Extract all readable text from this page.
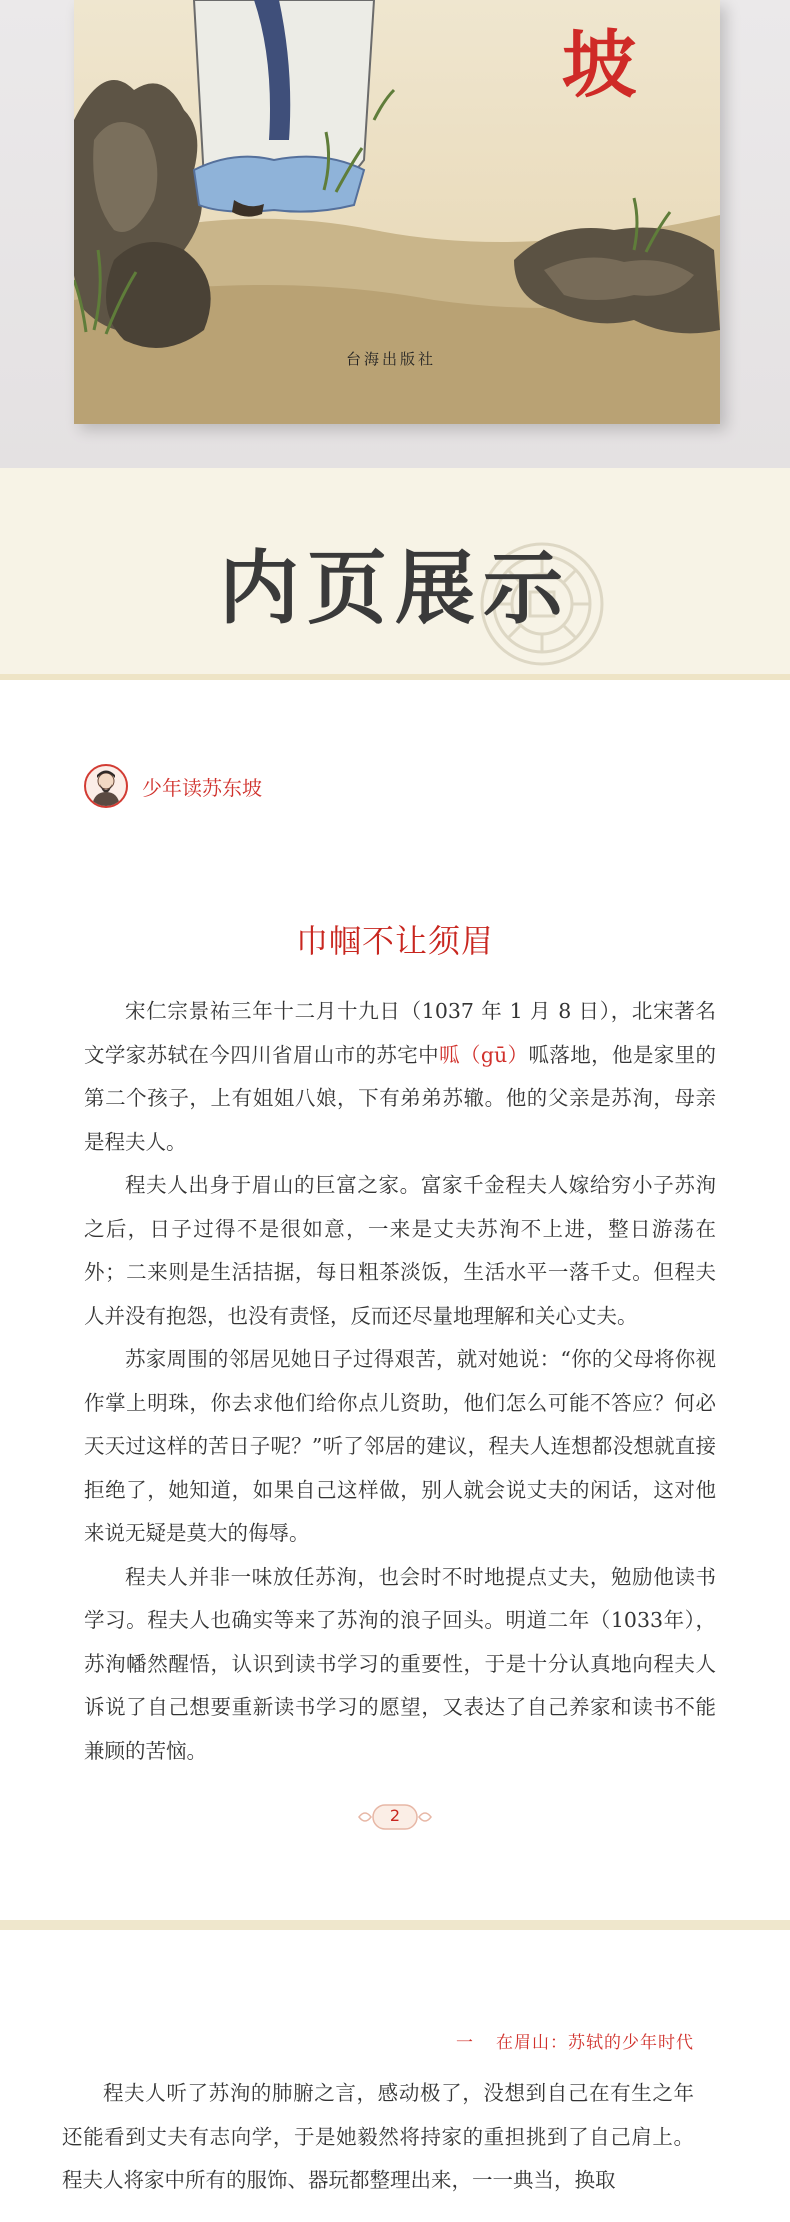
坡
台海出版社
内页展示
少年读苏东坡
巾帼不让须眉

宋仁宗景祐三年十二月十九日（1037 年 1 月 8 日），北宋著名文学家苏轼在今四川省眉山市的苏宅中呱（gū）呱落地，他是家里的第二个孩子，上有姐姐八娘，下有弟弟苏辙。他的父亲是苏洵，母亲是程夫人。

程夫人出身于眉山的巨富之家。富家千金程夫人嫁给穷小子苏洵之后，日子过得不是很如意，一来是丈夫苏洵不上进，整日游荡在外；二来则是生活拮据，每日粗茶淡饭，生活水平一落千丈。但程夫人并没有抱怨，也没有责怪，反而还尽量地理解和关心丈夫。

苏家周围的邻居见她日子过得艰苦，就对她说：“你的父母将你视作掌上明珠，你去求他们给你点儿资助，他们怎么可能不答应？何必天天过这样的苦日子呢？”听了邻居的建议，程夫人连想都没想就直接拒绝了，她知道，如果自己这样做，别人就会说丈夫的闲话，这对他来说无疑是莫大的侮辱。

程夫人并非一味放任苏洵，也会时不时地提点丈夫，勉励他读书学习。程夫人也确实等来了苏洵的浪子回头。明道二年（1033年），苏洵幡然醒悟，认识到读书学习的重要性，于是十分认真地向程夫人诉说了自己想要重新读书学习的愿望，又表达了自己养家和读书不能兼顾的苦恼。

2
一 在眉山：苏轼的少年时代

程夫人听了苏洵的肺腑之言，感动极了，没想到自己在有生之年还能看到丈夫有志向学，于是她毅然将持家的重担挑到了自己肩上。程夫人将家中所有的服饰、器玩都整理出来，一一典当，换取
